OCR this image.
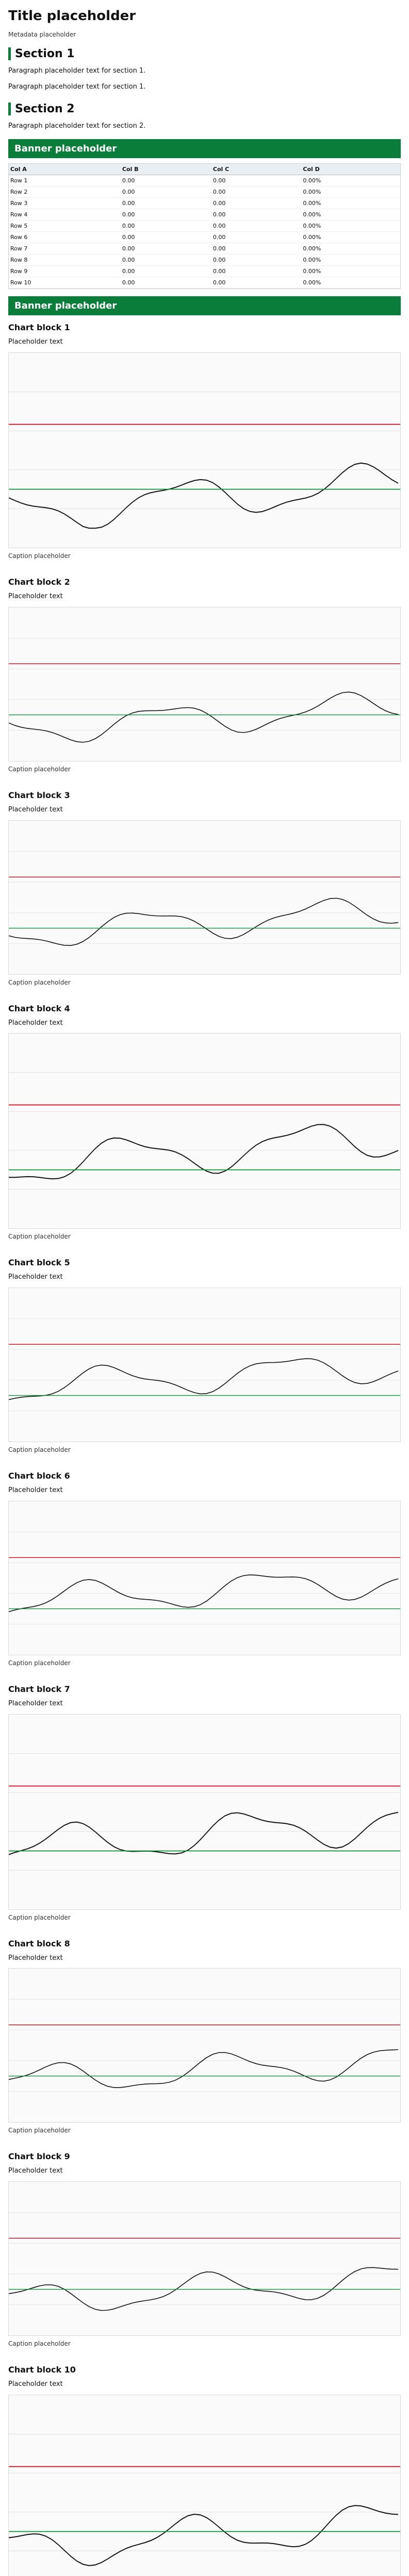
Title placeholder
Metadata placeholder
Section 1

Paragraph placeholder text for section 1.

Paragraph placeholder text for section 1.

Section 2

Paragraph placeholder text for section 2.

Banner placeholder
Col A	Col B	Col C	Col D
Row 1	0.00	0.00	0.00%
Row 2	0.00	0.00	0.00%
Row 3	0.00	0.00	0.00%
Row 4	0.00	0.00	0.00%
Row 5	0.00	0.00	0.00%
Row 6	0.00	0.00	0.00%
Row 7	0.00	0.00	0.00%
Row 8	0.00	0.00	0.00%
Row 9	0.00	0.00	0.00%
Row 10	0.00	0.00	0.00%
Banner placeholder
Chart block 1

Placeholder text

Caption placeholder
Chart block 2

Placeholder text

Caption placeholder
Chart block 3

Placeholder text

Caption placeholder
Chart block 4

Placeholder text

Caption placeholder
Chart block 5

Placeholder text

Caption placeholder
Chart block 6

Placeholder text

Caption placeholder
Chart block 7

Placeholder text

Caption placeholder
Chart block 8

Placeholder text

Caption placeholder
Chart block 9

Placeholder text

Caption placeholder
Chart block 10

Placeholder text
